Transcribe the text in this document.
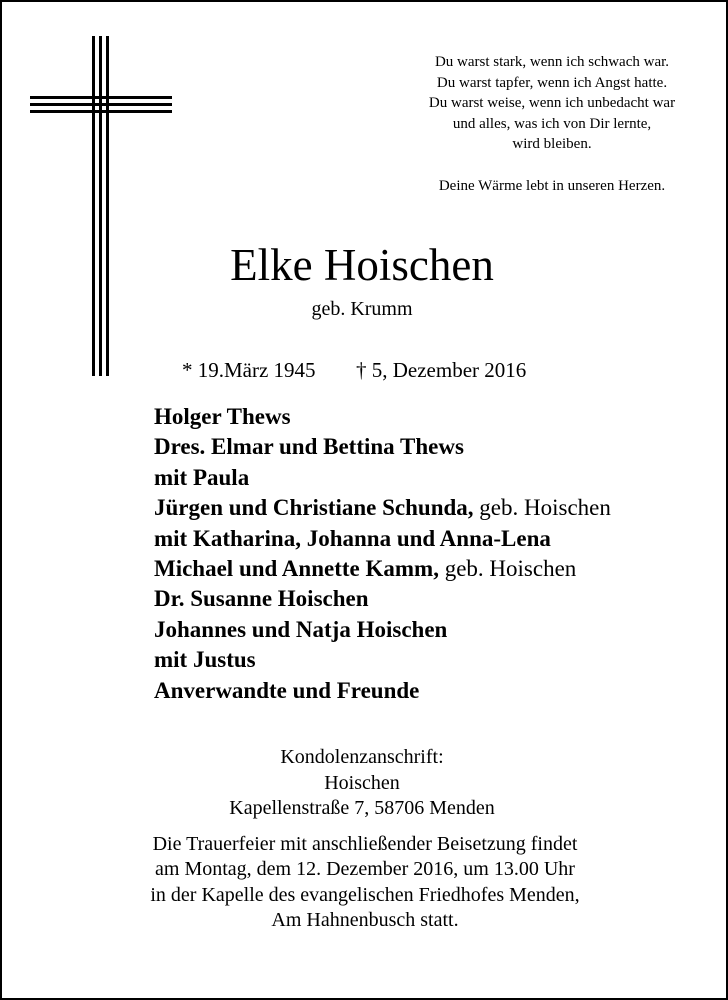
Du warst stark, wenn ich schwach war.
Du warst tapfer, wenn ich Angst hatte.
Du warst weise, wenn ich unbedacht war
und alles, was ich von Dir lernte,
wird bleiben.
Deine Wärme lebt in unseren Herzen.
Elke Hoischen
geb. Krumm
* 19.März 1945 † 5, Dezember 2016
Holger Thews
Dres. Elmar und Bettina Thews
mit Paula
Jürgen und Christiane Schunda, geb. Hoischen
mit Katharina, Johanna und Anna-Lena
Michael und Annette Kamm, geb. Hoischen
Dr. Susanne Hoischen
Johannes und Natja Hoischen
mit Justus
Anverwandte und Freunde
Kondolenzanschrift:
Hoischen
Kapellenstraße 7, 58706 Menden
Die Trauerfeier mit anschließender Beisetzung findet
am Montag, dem 12. Dezember 2016, um 13.00 Uhr
in der Kapelle des evangelischen Friedhofes Menden,
Am Hahnenbusch statt.
